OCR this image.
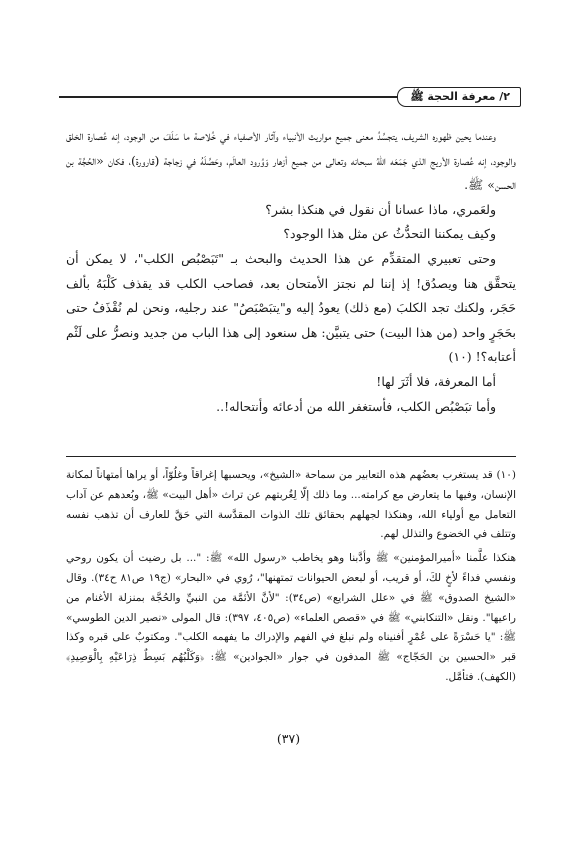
٢/ معرفة الحجة ﷺ

وعندما يحين ظهوره الشريف، يتجسَّدُ معنى جميع مواريث الأنبياء وآثار الأصفياء في خُلاصة ما سَلَفَ من الوجود، إنه عُصارة الخلق والوجود، إنه عُصارة الأريج الذي جَمَعَه اللهُ سبحانه وتعالى من جميع أزهار وَوُرود العالَم، وحَصَّلَهُ في زجاجة (قارورة)، فكان «الحُجَّة بن الحسن» ﷺ.

ولعَمري، ماذا عسانا أن نقول في هنكذا بشر؟

وكيف يمكننا التحدُّثُ عن مثل هذا الوجود؟

وحتى تعبيري المتقدِّم عن هذا الحديث والبحث بـ "تَبَصْبُص الكلب"، لا يمكن أن يتحقَّق هنا ويصدُق! إذ إننا لم نجتز الأمتحان بعد، فصاحب الكلب قد يقذف كَلْبَهُ بألف حَجَر، ولكنك تجد الكلبَ (مع ذلك) يعودُ إليه و"يتبَصْبَصُ" عند رجليه، ونحن لم نُقْذَفُ حتى بحَجَرٍ واحد (من هذا البيت) حتى يتبيَّن: هل سنعود إلى هذا الباب من جديد ونصرُّ على لَثْم أعتابه؟! (١٠)

أما المعرفة، فلا أثَرَ لها!

وأما تبَصْبُص الكلب، فأستغفر الله من أدعائه وأنتحاله!..

(١٠) قد يستغرب بعضُهم هذه التعابير من سماحة «الشيخ»، ويحسبها إغراقاً وغلُوّاً، أو يراها أمتهاناً لمكانة الإنسان، وفيها ما يتعارض مع كرامته... وما ذلك إلّا لِغُربتهم عن تراث «أهل البيت» ﷺ، وبُعدهم عن آداب التعامل مع أولياء الله، وهنكذا لجهلهم بحقائق تلك الذوات المقدَّسة التي حَقَّ للعارف أن تذهب نفسه وتتلف في الخضوع والتذلل لهم.

هنكذا علَّمنا «أميرالمؤمنين» ﷺ وأدَّبنا وهو يخاطب «رسول الله» ﷺ: "... بل رضيت أن يكون روحي ونفسي فداءً لأخٍ لكَ، أو قريب، أو لبعض الحيوانات تمتهنها"، رُوي في «البحار» (ج١٩ ص٨١ ح٣٤). وقال «الشيخ الصدوق» ﷺ في «علل الشرايع» (ص٣٤): "لأنَّ الأئمَّة من النبيِّ والحُجَّة بمنزلة الأغنام من راعيها". ونقل «التنكابني» ﷺ في «قصص العلماء» (ص٤٠٥، ٣٩٧): قال المولى «نصير الدين الطوسي» ﷺ: "يا حَسْرَةً على عُمْرٍ أفنيناه ولم نبلغ في الفهم والإدراك ما يفهمه الكلب". ومكتوبٌ على قبره وكذا قبر «الحسين بن الحَجّاج» ﷺ المدفون في جوار «الجوادين» ﷺ: ﴿وَكَلْبُهُم بَسِطٌ ذِرَاعَيْهِ بِالْوَصِيدِ﴾ (الكهف). فتأمَّل.

(٣٧)
